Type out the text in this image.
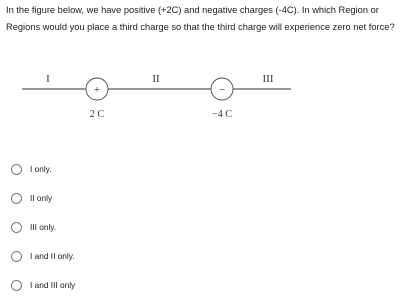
In the figure below, we have positive (+2C) and negative charges (-4C). In which Region or Regions would you place a third charge so that the third charge will experience zero net force?
I	II	III
+
2 C
−
−4 C
I only.
II only
III only.
I and II only.
I and III only
